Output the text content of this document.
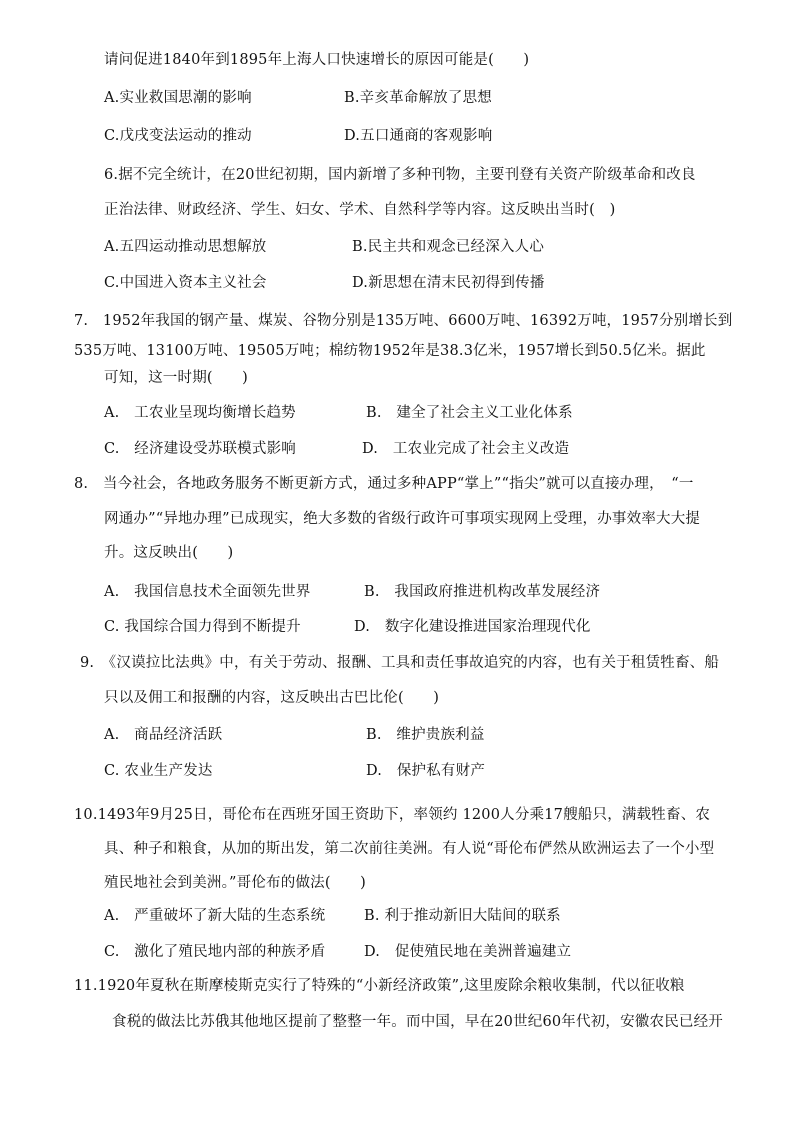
请问促进1840年到1895年上海人口快速增长的原因可能是(　　)
A.实业救国思潮的影响	B.辛亥革命解放了思想
C.戊戌变法运动的推动	D.五口通商的客观影响
6.据不完全统计，在20世纪初期，国内新增了多种刊物，主要刊登有关资产阶级革命和改良
正治法律、财政经济、学生、妇女、学术、自然科学等内容。这反映出当时(　)
A.五四运动推动思想解放	B.民主共和观念已经深入人心
C.中国进入资本主义社会	D.新思想在清末民初得到传播
7.　1952年我国的钢产量、煤炭、谷物分别是135万吨、6600万吨、16392万吨，1957分别增长到
535万吨、13100万吨、19505万吨；棉纺物1952年是38.3亿米，1957增长到50.5亿米。据此
可知，这一时期(　　)
A.　工农业呈现均衡增长趋势	B.　建全了社会主义工业化体系
C.　经济建设受苏联模式影响	D.　工农业完成了社会主义改造
8.　当今社会，各地政务服务不断更新方式，通过多种APP“掌上”“指尖”就可以直接办理，　“一
网通办”“异地办理”已成现实，绝大多数的省级行政许可事项实现网上受理，办事效率大大提
升。这反映出(　　)
A.　我国信息技术全面领先世界	B.　我国政府推进机构改革发展经济
C. 我国综合国力得到不断提升	D.　数字化建设推进国家治理现代化
9.　《汉谟拉比法典》中，有关于劳动、报酬、工具和责任事故追究的内容，也有关于租赁牲畜、船
只以及佣工和报酬的内容，这反映出古巴比伦(　　)
A.　商品经济活跃	B.　维护贵族利益
C. 农业生产发达	D.　保护私有财产
10.1493年9月25日，哥伦布在西班牙国王资助下，率领约 1200人分乘17艘船只，满载牲畜、农
具、种子和粮食，从加的斯出发，第二次前往美洲。有人说“哥伦布俨然从欧洲运去了一个小型
殖民地社会到美洲。”哥伦布的做法(　　)
A.　严重破坏了新大陆的生态系统	B. 利于推动新旧大陆间的联系
C.　激化了殖民地内部的种族矛盾	D.　促使殖民地在美洲普遍建立
11.1920年夏秋在斯摩棱斯克实行了特殊的“小新经济政策”,这里废除余粮收集制，代以征收粮
食税的做法比苏俄其他地区提前了整整一年。而中国，早在20世纪60年代初，安徽农民已经开
